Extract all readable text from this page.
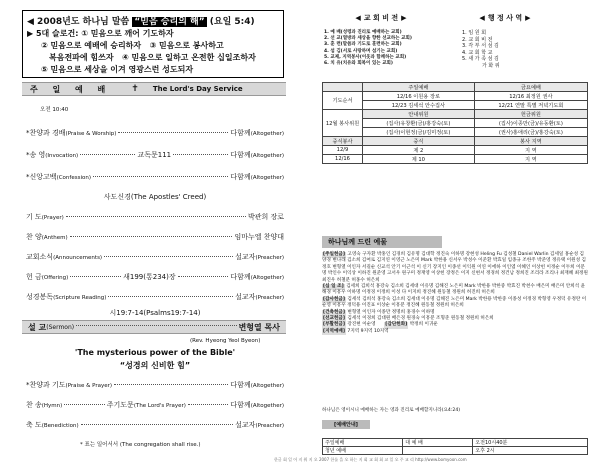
◀ 2008년도 하나님 말씀 “믿음 승리의 해” (요일 5:4)
▶ 5대 슬로건: ① 믿음으로 깨어 기도하자
② 믿음으로 예배에 승리하자 ③ 믿음으로 봉사하고
복음전파에 힘쓰자 ④ 믿음으로 일하고 온전한 십일조하자
⑤ 믿음으로 세상을 이겨 영광스런 성도되자
주 일 예 배 ✝ The Lord's Day Service
오전 10:40
*찬양과 경배 (Praise & Worship)	다함께 (Altogether)
*송 영 (Invocation)	교독문111	다함께 (Altogether)
*신앙고백 (Confession)	다함께 (Altogether)
사도신경(The Apostles' Creed)
기 도 (Prayer)	박관희 장로
찬 양 (Anthem)	임마누엘 찬양대
교회소식 (Announcements)	설교자 (Preacher)
헌 금 (Offering)	새199(통234)장	다함께 (Altogether)
성경봉독 (Scripture Reading)	설교자 (Preacher)
시19:7-14(Psalms19:7-14)
설 교 (Sermon)	변형열 목사
(Rev. Hyeong Yeol Byeon)
'The mysterious power of the Bible'
“성경의 신비한 힘”
*찬양과 기도 (Praise & Prayer)	다함께 (Altogether)
찬 송 (Hymn)	주기도문 (The Lord's Prayer)	다함께 (Altogether)
축 도 (Benediction)	설교자 (Preacher)
* 표는 일어서서 (The congregation shall rise.)
◀ 교 회 비 전 ▶	◀ 행 정 사 역 ▶
1. 예 배(성령과 진리로 예배하는 교회)
2. 선 교(열방과 세상을 향한 선교하는 교회)
3. 훈 련(말씀과 기도로 훈련하는 교회)
4. 섬 김(서로 사랑하며 섬기는 교회)
5. 교제, 지역봉사(이웃과 함께하는 교회)
6. 치 유(치유와 회복이 있는 교회)
1. 임 원 회
2. 교 회 비 전
3. 각 부 서 섬 김
4. 교 회 학 교
5. 새 가 족 섬 김
가 화 위
	주일예배	금요예배
기도순서	12/16 이원용 장로	12/16 최정원 권사
	12/23 김세석 안수집사	12/21 연말 특별 저녁기도회
12월 봉사위원	안내위원	헌금위원
	(집사)유창환(금)/홍강숙(토)	(집사)이종만(금)/유동환(토)
	(집사)이현정(금)/김미정(토)	(권사)홍애리(금)/홍강숙(토)
중식봉사	중식	봉사 지역
12/9	제 2	지 역
12/16	제 10	지 역
하나님께 드린 예물
[주일헌금] 고영숙 구자환 박홍인 김경희 김유명 김대학 정진숙 이하명 강현성 Heling Fu 김성철 Daniel Warlin 김세일 홍순성 김양경 변나래 김소희 김여로 김지연 이영근 노은미 Mark 박한용 신서우 박성수 이준환 박효일 임종규 조한주 박준영 정유택 이원성 김정호 변형열 이인자 서길순 신교석 안기 이근석 이 신기 장지인 이종선 이익원 이연 이에하 이인엽 이혜인 이상헌 이정순 이두희 이문명 박인수 이익상 이하진 원준영 고서우 원구미 정재영 이상헌 장정은 이지 신현서 정경희 정건남 정희진 조리라 조리나 최재혜 최정원 최진우 허철분 허홍수 허은희
[십 일 조] 김세희 김희석 홍강숙 김소희 김세대 이유명 김해진 노은미 Mark 박한용 박한중 박효진 박천수 배은미 배은미 안희석 윤해경 이흥우 이하명 이정경 이정희 이성 다 이지희 정진혜 원동철 정원희 허진희 허은희
[감사헌금] 김세석 김희석 홍강숙 김소희 김세대 이유명 김해진 노은미 Mark 박한용 박한중 이종성 이정경 박형영 우정덕 유정란 이순영 이흥우 정덕용 이진표 이상순 이흥분 정진혜 원동철 정원희 허은희
[건축헌금] 변형열 이인자 이종만 정명희 홍경수 이하명
[선교헌금] 김세석 이경희 김대원 배은경 원경숙 이흥분 조형준 원동철 정원희 허은희
[부활헌금] 강진현 이순영 [감단헌화] 박정희 이귀운
[지역예배] 7지역 9지역 10지역
하나님은 영이시니 예배하는 자는 영과 진리로 예배할지니라(요4:24)
[예배안내]
주일예배	대 예 배	오전10시40분
청년 예배		오후 2시
한글 회 일 어 지 워 지 오 2007 한를 을 오 하는 지 회 교 회 회 교 일 오 주 교 리 http://www.bomyoon.com
